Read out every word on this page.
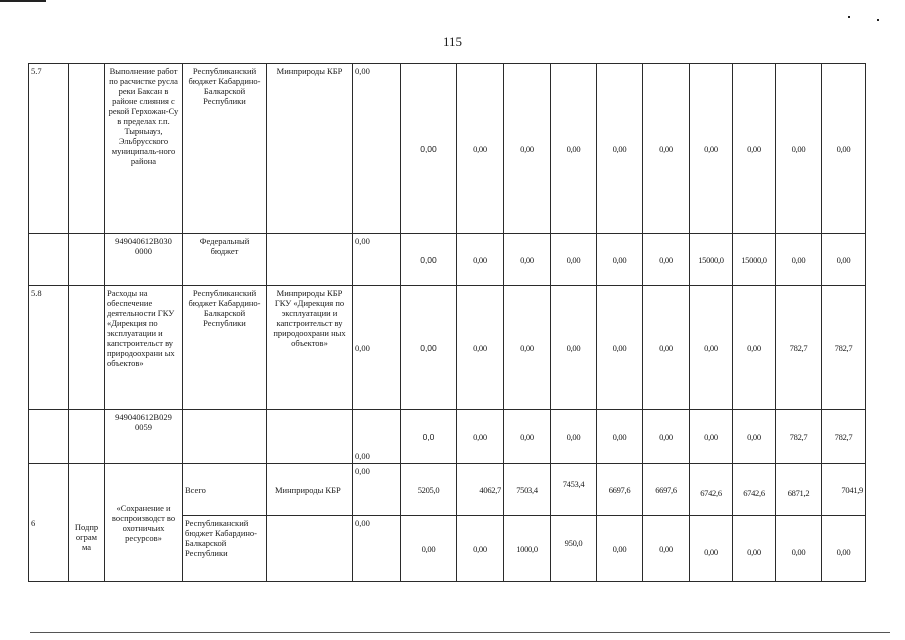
115
5.7		Выполнение работ по расчистке русла реки Баксан в районе слияния с рекой Герхожан-Су в пределах г.п. Тырныауз, Эльбрусского муниципаль-ного района	Республиканский бюджет Кабардино-Балкарской Республики	Минприроды КБР	0,00	0,00	0,00	0,00	0,00	0,00	0,00	0,00	0,00	0,00	0,00
		949040612В030 0000	Федеральный бюджет		0,00	0,00	0,00	0,00	0,00	0,00	0,00	15000,0	15000,0	0,00	0,00
5.8		Расходы на обеспечение деятельности ГКУ «Дирекция по эксплуатации и капстроительст ву природоохрани ых объектов»	Республиканский бюджет Кабардино-Балкарской Республики	Минприроды КБР ГКУ «Дирекция по эксплуатации и капстроительст ву природоохрани ных объектов»	0,00	0,00	0,00	0,00	0,00	0,00	0,00	0,00	0,00	782,7	782,7
		949040612В029 0059			0,00	0,0	0,00	0,00	0,00	0,00	0,00	0,00	0,00	782,7	782,7
6	Подпрограмма	«Сохранение и воспроизводст во охотничьих ресурсов»	Всего	Минприроды КБР	0,00	5205,0	4062,7	7503,4	7453,4	6697,6	6697,6	6742,6	6742,6	6871,2	7041,9
			Республиканский бюджет Кабардино-Балкарской Республики		0,00	0,00	0,00	1000,0	950,0	0,00	0,00	0,00	0,00	0,00	0,00
